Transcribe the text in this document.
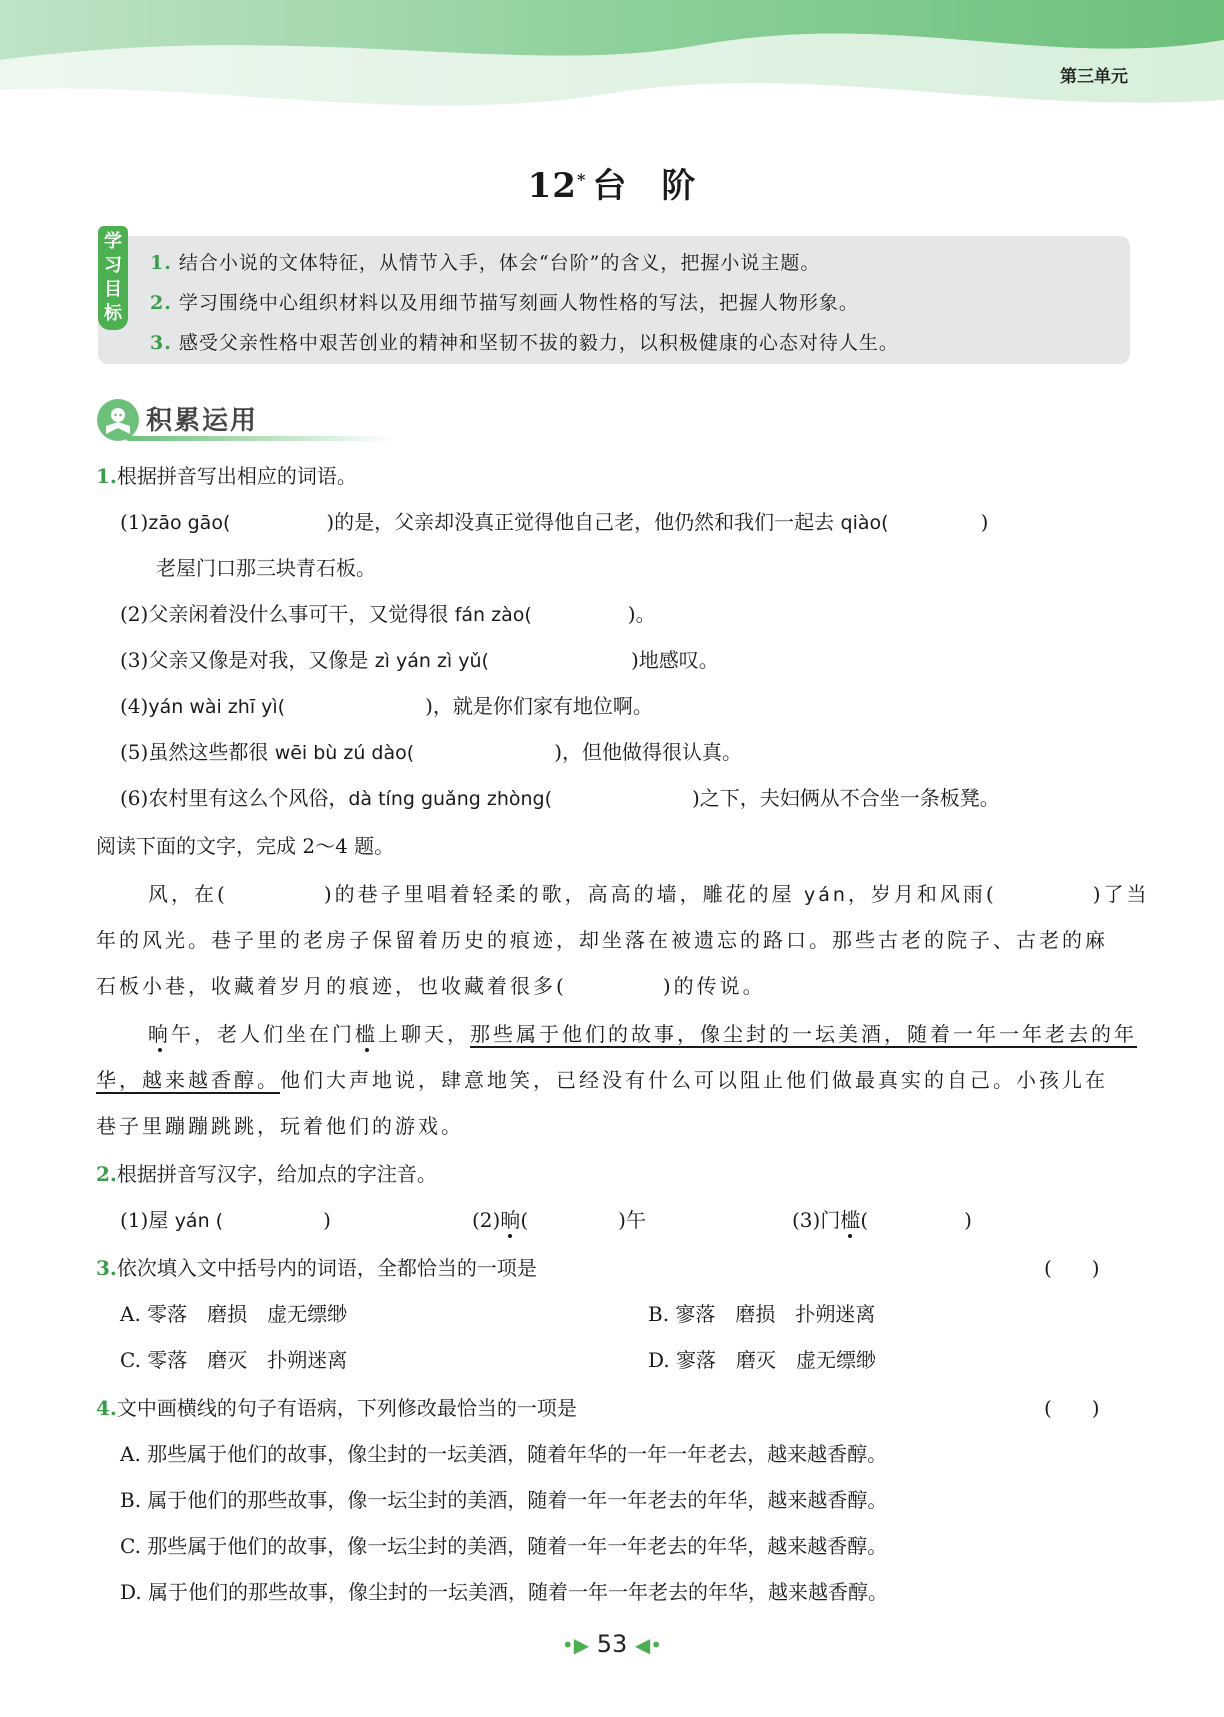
第三单元
12* 台 阶
学
习
目
标
1. 结合小说的文体特征，从情节入手，体会“台阶”的含义，把握小说主题。
2. 学习围绕中心组织材料以及用细节描写刻画人物性格的写法，把握人物形象。
3. 感受父亲性格中艰苦创业的精神和坚韧不拔的毅力，以积极健康的心态对待人生。
积累运用
1.根据拼音写出相应的词语。
(1)zāo gāo(	)的是，父亲却没真正觉得他自己老，他仍然和我们一起去 qiào(	)
老屋门口那三块青石板。
(2)父亲闲着没什么事可干，又觉得很 fán zào(	)。
(3)父亲又像是对我，又像是 zì yán zì yǔ(	)地感叹。
(4)yán wài zhī yì(	)，就是你们家有地位啊。
(5)虽然这些都很 wēi bù zú dào(	)，但他做得很认真。
(6)农村里有这么个风俗，dà tíng guǎng zhòng(	)之下，夫妇俩从不合坐一条板凳。
阅读下面的文字，完成 2～4 题。
风，在(	)的巷子里唱着轻柔的歌，高高的墙，雕花的屋 yán，岁月和风雨(	)了当
年的风光。巷子里的老房子保留着历史的痕迹，却坐落在被遗忘的路口。那些古老的院子、古老的麻
石板小巷，收藏着岁月的痕迹，也收藏着很多(	)的传说。
晌午，老人们坐在门槛上聊天，那些属于他们的故事，像尘封的一坛美酒，随着一年一年老去的年
华，越来越香醇。他们大声地说，肆意地笑，已经没有什么可以阻止他们做最真实的自己。小孩儿在
巷子里蹦蹦跳跳，玩着他们的游戏。
2.根据拼音写汉字，给加点的字注音。
(1)屋 yán (	)	(2)晌(	)午	(3)门槛(	)
3.依次填入文中括号内的词语，全都恰当的一项是	(　　)
A. 零落　磨损　虚无缥缈	B. 寥落　磨损　扑朔迷离
C. 零落　磨灭　扑朔迷离	D. 寥落　磨灭　虚无缥缈
4.文中画横线的句子有语病，下列修改最恰当的一项是	(　　)
A. 那些属于他们的故事，像尘封的一坛美酒，随着年华的一年一年老去，越来越香醇。
B. 属于他们的那些故事，像一坛尘封的美酒，随着一年一年老去的年华，越来越香醇。
C. 那些属于他们的故事，像一坛尘封的美酒，随着一年一年老去的年华，越来越香醇。
D. 属于他们的那些故事，像尘封的一坛美酒，随着一年一年老去的年华，越来越香醇。
•▶ 53 ◀•
